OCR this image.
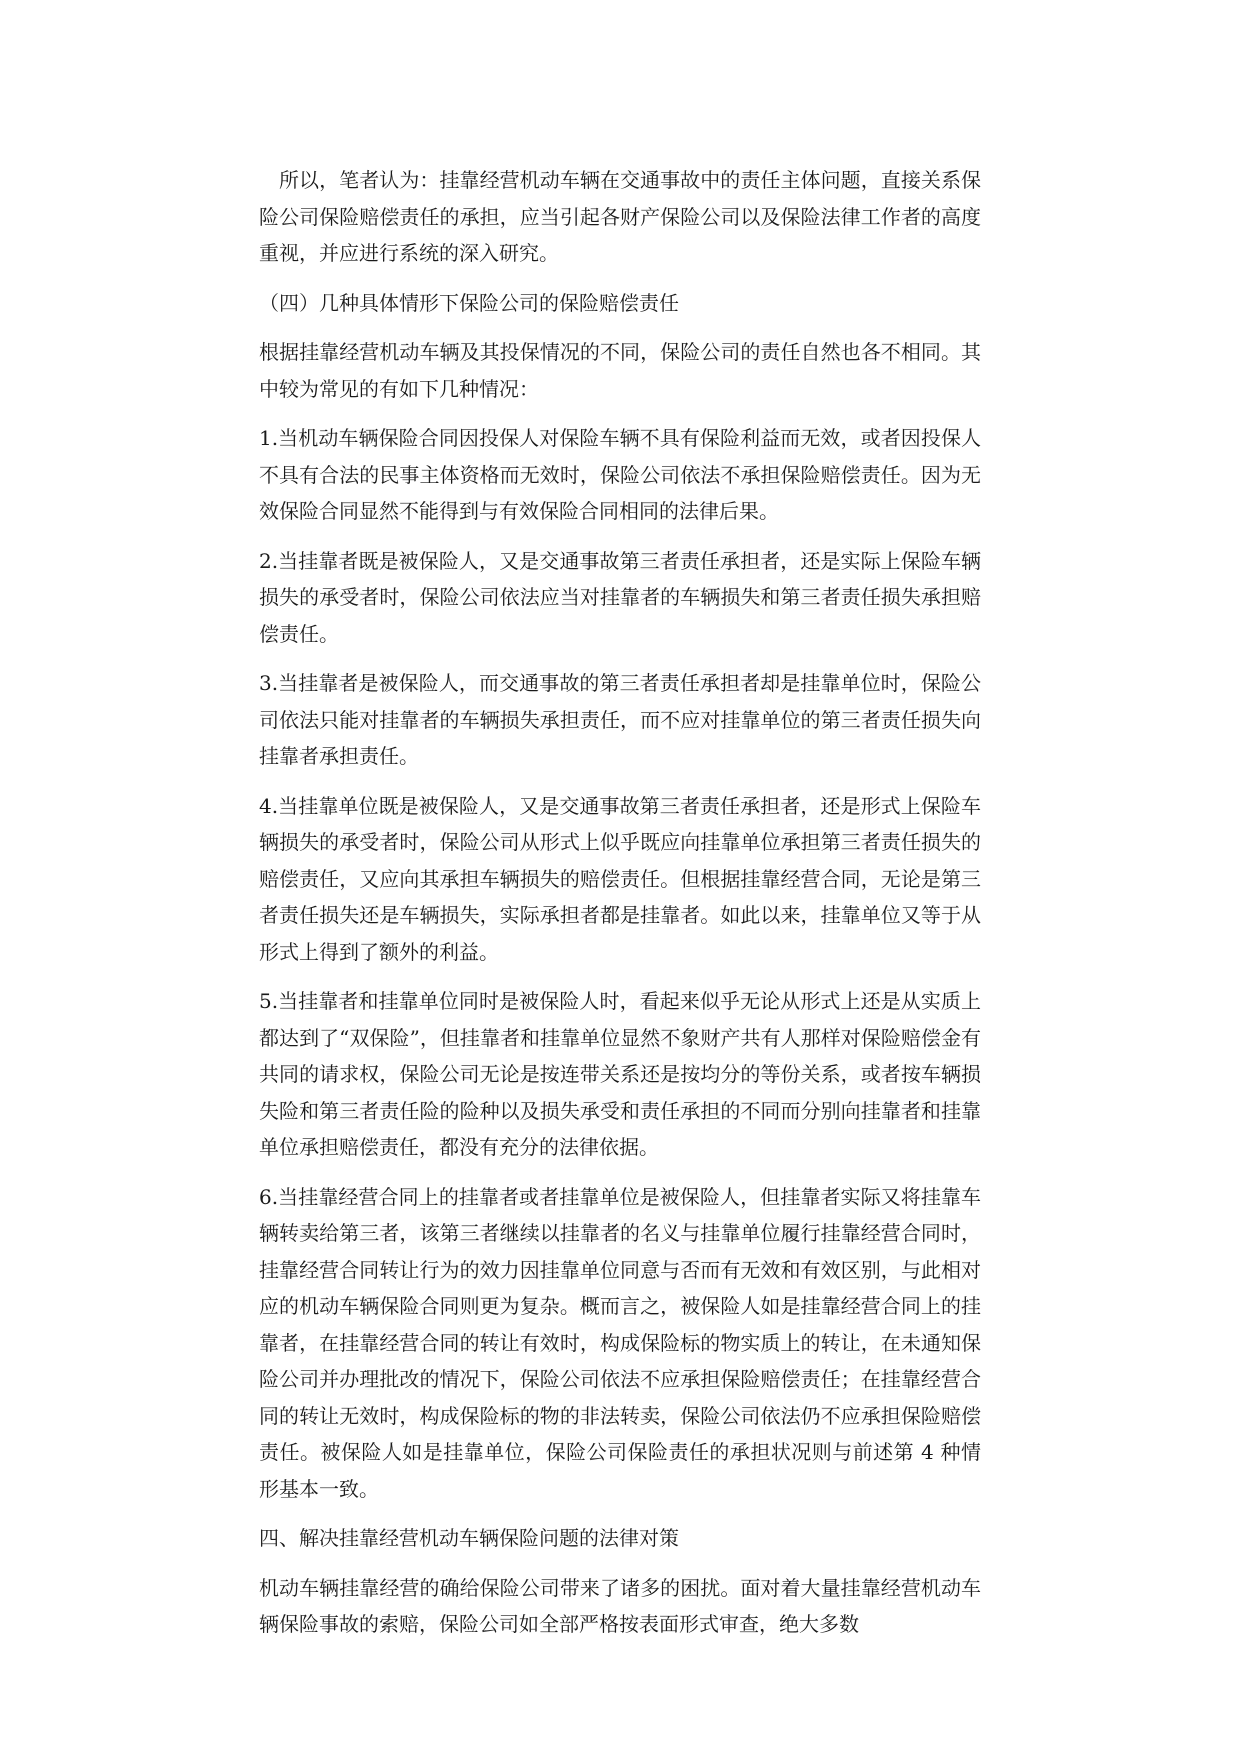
所以，笔者认为：挂靠经营机动车辆在交通事故中的责任主体问题，直接关系保险公司保险赔偿责任的承担，应当引起各财产保险公司以及保险法律工作者的高度重视，并应进行系统的深入研究。

（四）几种具体情形下保险公司的保险赔偿责任

根据挂靠经营机动车辆及其投保情况的不同，保险公司的责任自然也各不相同。其中较为常见的有如下几种情况：

1.当机动车辆保险合同因投保人对保险车辆不具有保险利益而无效，或者因投保人不具有合法的民事主体资格而无效时，保险公司依法不承担保险赔偿责任。因为无效保险合同显然不能得到与有效保险合同相同的法律后果。

2.当挂靠者既是被保险人，又是交通事故第三者责任承担者，还是实际上保险车辆损失的承受者时，保险公司依法应当对挂靠者的车辆损失和第三者责任损失承担赔偿责任。

3.当挂靠者是被保险人，而交通事故的第三者责任承担者却是挂靠单位时，保险公司依法只能对挂靠者的车辆损失承担责任，而不应对挂靠单位的第三者责任损失向挂靠者承担责任。

4.当挂靠单位既是被保险人，又是交通事故第三者责任承担者，还是形式上保险车辆损失的承受者时，保险公司从形式上似乎既应向挂靠单位承担第三者责任损失的赔偿责任，又应向其承担车辆损失的赔偿责任。但根据挂靠经营合同，无论是第三者责任损失还是车辆损失，实际承担者都是挂靠者。如此以来，挂靠单位又等于从形式上得到了额外的利益。

5.当挂靠者和挂靠单位同时是被保险人时，看起来似乎无论从形式上还是从实质上都达到了“双保险”，但挂靠者和挂靠单位显然不象财产共有人那样对保险赔偿金有共同的请求权，保险公司无论是按连带关系还是按均分的等份关系，或者按车辆损失险和第三者责任险的险种以及损失承受和责任承担的不同而分别向挂靠者和挂靠单位承担赔偿责任，都没有充分的法律依据。

6.当挂靠经营合同上的挂靠者或者挂靠单位是被保险人，但挂靠者实际又将挂靠车辆转卖给第三者，该第三者继续以挂靠者的名义与挂靠单位履行挂靠经营合同时，挂靠经营合同转让行为的效力因挂靠单位同意与否而有无效和有效区别，与此相对应的机动车辆保险合同则更为复杂。概而言之，被保险人如是挂靠经营合同上的挂靠者，在挂靠经营合同的转让有效时，构成保险标的物实质上的转让，在未通知保险公司并办理批改的情况下，保险公司依法不应承担保险赔偿责任；在挂靠经营合同的转让无效时，构成保险标的物的非法转卖，保险公司依法仍不应承担保险赔偿责任。被保险人如是挂靠单位，保险公司保险责任的承担状况则与前述第 4 种情形基本一致。

四、解决挂靠经营机动车辆保险问题的法律对策

机动车辆挂靠经营的确给保险公司带来了诸多的困扰。面对着大量挂靠经营机动车辆保险事故的索赔，保险公司如全部严格按表面形式审查，绝大多数
